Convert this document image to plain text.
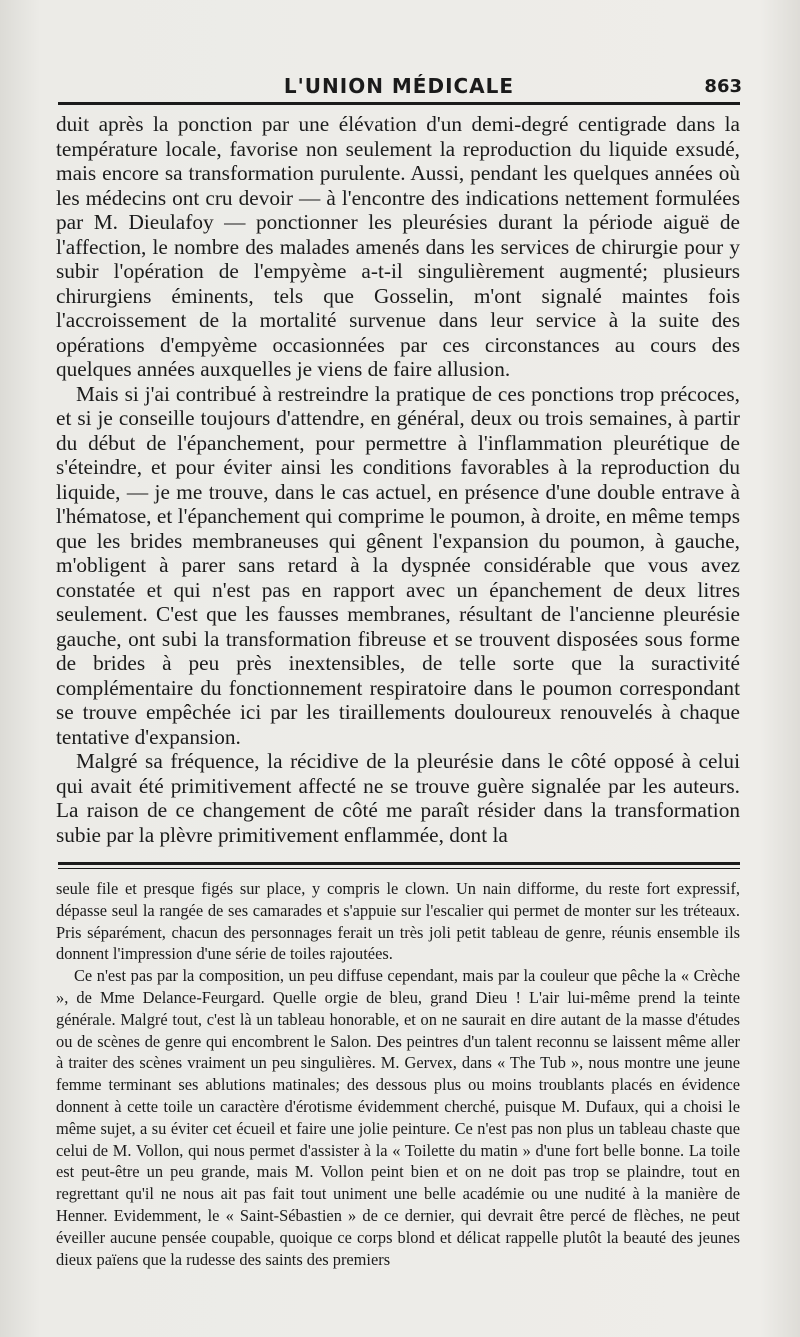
L'UNION MÉDICALE	863

duit après la ponction par une élévation d'un demi-degré centigrade dans la température locale, favorise non seulement la reproduction du liquide exsudé, mais encore sa transformation purulente. Aussi, pendant les quelques années où les médecins ont cru devoir — à l'encontre des indications nettement formulées par M. Dieulafoy — ponctionner les pleurésies durant la période aiguë de l'affection, le nombre des malades amenés dans les services de chirurgie pour y subir l'opération de l'empyème a-t-il singulièrement augmenté; plusieurs chirurgiens éminents, tels que Gosselin, m'ont signalé maintes fois l'accroissement de la mortalité survenue dans leur service à la suite des opérations d'empyème occasionnées par ces circonstances au cours des quelques années auxquelles je viens de faire allusion.

Mais si j'ai contribué à restreindre la pratique de ces ponctions trop précoces, et si je conseille toujours d'attendre, en général, deux ou trois semaines, à partir du début de l'épanchement, pour permettre à l'inflammation pleurétique de s'éteindre, et pour éviter ainsi les conditions favorables à la reproduction du liquide, — je me trouve, dans le cas actuel, en présence d'une double entrave à l'hématose, et l'épanchement qui comprime le poumon, à droite, en même temps que les brides membraneuses qui gênent l'expansion du poumon, à gauche, m'obligent à parer sans retard à la dyspnée considérable que vous avez constatée et qui n'est pas en rapport avec un épanchement de deux litres seulement. C'est que les fausses membranes, résultant de l'ancienne pleurésie gauche, ont subi la transformation fibreuse et se trouvent disposées sous forme de brides à peu près inextensibles, de telle sorte que la suractivité complémentaire du fonctionnement respiratoire dans le poumon correspondant se trouve empêchée ici par les tiraillements douloureux renouvelés à chaque tentative d'expansion.

Malgré sa fréquence, la récidive de la pleurésie dans le côté opposé à celui qui avait été primitivement affecté ne se trouve guère signalée par les auteurs. La raison de ce changement de côté me paraît résider dans la transformation subie par la plèvre primitivement enflammée, dont la

seule file et presque figés sur place, y compris le clown. Un nain difforme, du reste fort expressif, dépasse seul la rangée de ses camarades et s'appuie sur l'escalier qui permet de monter sur les tréteaux. Pris séparément, chacun des personnages ferait un très joli petit tableau de genre, réunis ensemble ils donnent l'impression d'une série de toiles rajoutées.

Ce n'est pas par la composition, un peu diffuse cependant, mais par la couleur que pêche la « Crèche », de Mme Delance-Feurgard. Quelle orgie de bleu, grand Dieu ! L'air lui-même prend la teinte générale. Malgré tout, c'est là un tableau honorable, et on ne saurait en dire autant de la masse d'études ou de scènes de genre qui encombrent le Salon. Des peintres d'un talent reconnu se laissent même aller à traiter des scènes vraiment un peu singulières. M. Gervex, dans « The Tub », nous montre une jeune femme terminant ses ablutions matinales; des dessous plus ou moins troublants placés en évidence donnent à cette toile un caractère d'érotisme évidemment cherché, puisque M. Dufaux, qui a choisi le même sujet, a su éviter cet écueil et faire une jolie peinture. Ce n'est pas non plus un tableau chaste que celui de M. Vollon, qui nous permet d'assister à la « Toilette du matin » d'une fort belle bonne. La toile est peut-être un peu grande, mais M. Vollon peint bien et on ne doit pas trop se plaindre, tout en regrettant qu'il ne nous ait pas fait tout uniment une belle académie ou une nudité à la manière de Henner. Evidemment, le « Saint-Sébastien » de ce dernier, qui devrait être percé de flèches, ne peut éveiller aucune pensée coupable, quoique ce corps blond et délicat rappelle plutôt la beauté des jeunes dieux païens que la rudesse des saints des premiers
